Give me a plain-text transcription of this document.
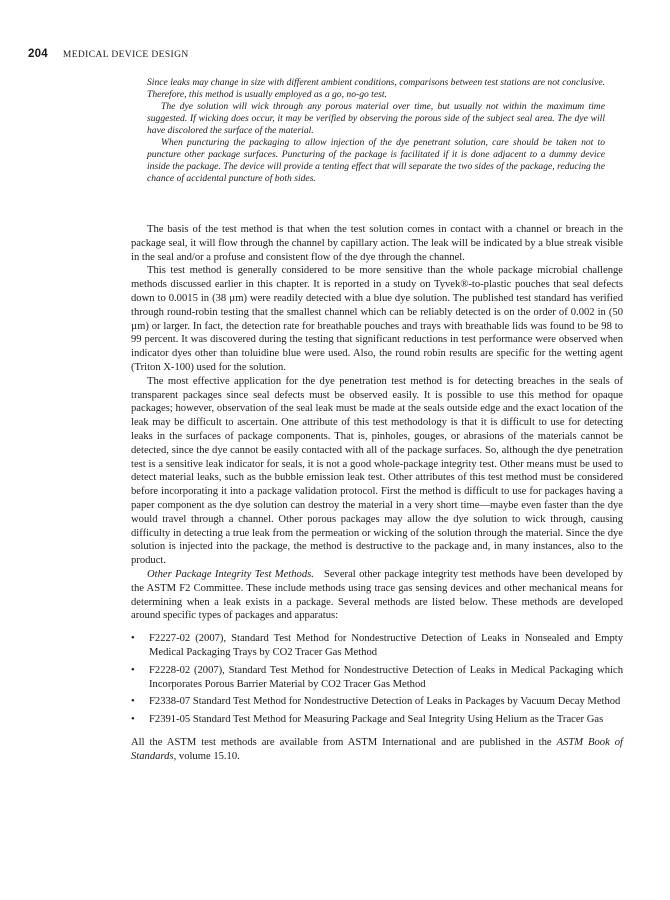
204 MEDICAL DEVICE DESIGN

Since leaks may change in size with different ambient conditions, comparisons between test stations are not conclusive. Therefore, this method is usually employed as a go, no-go test.

The dye solution will wick through any porous material over time, but usually not within the maximum time suggested. If wicking does occur, it may be verified by observing the porous side of the subject seal area. The dye will have discolored the surface of the material.

When puncturing the packaging to allow injection of the dye penetrant solution, care should be taken not to puncture other package surfaces. Puncturing of the package is facilitated if it is done adjacent to a dummy device inside the package. The device will provide a tenting effect that will separate the two sides of the package, reducing the chance of accidental puncture of both sides.

The basis of the test method is that when the test solution comes in contact with a channel or breach in the package seal, it will flow through the channel by capillary action. The leak will be indicated by a blue streak visible in the seal and/or a profuse and consistent flow of the dye through the channel.

This test method is generally considered to be more sensitive than the whole package microbial challenge methods discussed earlier in this chapter. It is reported in a study on Tyvek®-to-plastic pouches that seal defects down to 0.0015 in (38 µm) were readily detected with a blue dye solution. The published test standard has verified through round-robin testing that the smallest channel which can be reliably detected is on the order of 0.002 in (50 µm) or larger. In fact, the detection rate for breathable pouches and trays with breathable lids was found to be 98 to 99 percent. It was discovered during the testing that significant reductions in test performance were observed when indicator dyes other than toluidine blue were used. Also, the round robin results are specific for the wetting agent (Triton X-100) used for the solution.

The most effective application for the dye penetration test method is for detecting breaches in the seals of transparent packages since seal defects must be observed easily. It is possible to use this method for opaque packages; however, observation of the seal leak must be made at the seals outside edge and the exact location of the leak may be difficult to ascertain. One attribute of this test methodology is that it is difficult to use for detecting leaks in the surfaces of package components. That is, pinholes, gouges, or abrasions of the materials cannot be detected, since the dye cannot be easily contacted with all of the package surfaces. So, although the dye penetration test is a sensitive leak indicator for seals, it is not a good whole-package integrity test. Other means must be used to detect material leaks, such as the bubble emission leak test. Other attributes of this test method must be considered before incorporating it into a package validation protocol. First the method is difficult to use for packages having a paper component as the dye solution can destroy the material in a very short time—maybe even faster than the dye would travel through a channel. Other porous packages may allow the dye solution to wick through, causing difficulty in detecting a true leak from the permeation or wicking of the solution through the material. Since the dye solution is injected into the package, the method is destructive to the package and, in many instances, also to the product.

Other Package Integrity Test Methods. Several other package integrity test methods have been developed by the ASTM F2 Committee. These include methods using trace gas sensing devices and other mechanical means for determining when a leak exists in a package. Several methods are listed below. These methods are developed around specific types of packages and apparatus:

• F2227-02 (2007), Standard Test Method for Nondestructive Detection of Leaks in Nonsealed and Empty Medical Packaging Trays by CO2 Tracer Gas Method
• F2228-02 (2007), Standard Test Method for Nondestructive Detection of Leaks in Medical Packaging which Incorporates Porous Barrier Material by CO2 Tracer Gas Method
• F2338-07 Standard Test Method for Nondestructive Detection of Leaks in Packages by Vacuum Decay Method
• F2391-05 Standard Test Method for Measuring Package and Seal Integrity Using Helium as the Tracer Gas

All the ASTM test methods are available from ASTM International and are published in the ASTM Book of Standards, volume 15.10.
